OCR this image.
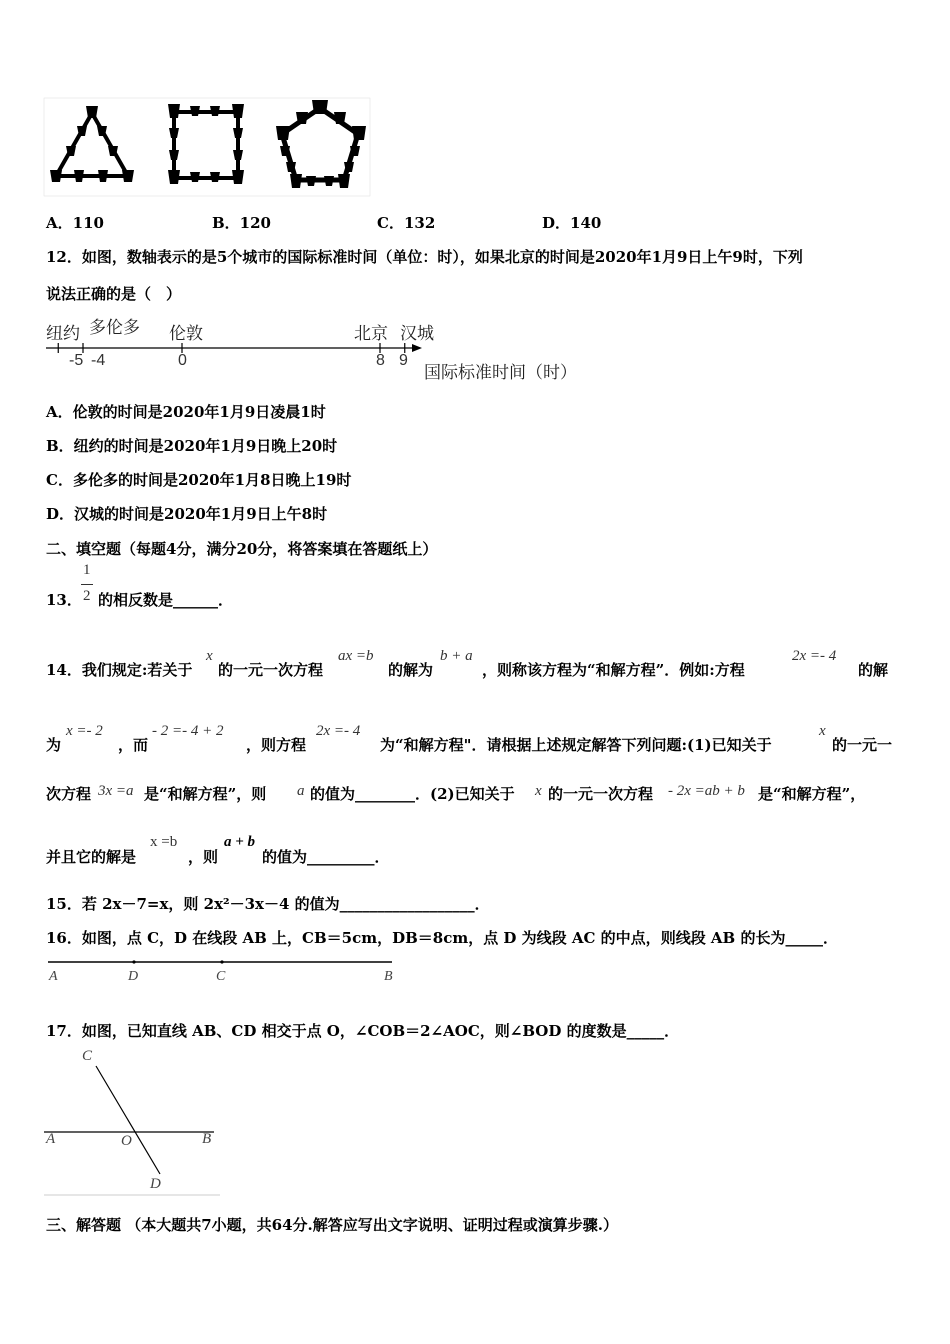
A．110	B．120	C．132	D．140
12．如图，数轴表示的是5个城市的国际标准时间（单位：时），如果北京的时间是2020年1月9日上午9时，下列
说法正确的是（　）
纽约 多伦多 伦敦	北京 汉城
-5 -4	0	8 9
国际标准时间（时）
A．伦敦的时间是2020年1月9日凌晨1时
B．纽约的时间是2020年1月9日晚上20时
C．多伦多的时间是2020年1月8日晚上19时
D．汉城的时间是2020年1月9日上午8时
二、填空题（每题4分，满分20分，将答案填在答题纸上）
13．
1
2 的相反数是______．
14．我们规定:若关于
x
的一元一次方程
ax =b
的解为
b + a
，则称该方程为“和解方程”．例如:方程
2x =- 4
的解
为
x =- 2
，而
- 2 =- 4 + 2
，则方程
2x =- 4
为“和解方程"．请根据上述规定解答下列问题:(1)已知关于
x
的一元一
次方程 3x =a 是“和解方程”，则 a 的值为________．(2)已知关于 x 的一元一次方程 - 2x =ab + b 是“和解方程”，
并且它的解是
x =b
，则
a + b
的值为_________．
15．若 2x－7=x，则 2x²－3x－4 的值为__________________．
16．如图，点 C，D 在线段 AB 上，CB＝5cm，DB＝8cm，点 D 为线段 AC 的中点，则线段 AB 的长为_____．
A	D	C	B
17．如图，已知直线 AB、CD 相交于点 O，∠COB＝2∠AOC，则∠BOD 的度数是_____．
C
A	O	B
D
三、解答题 （本大题共7小题，共64分.解答应写出文字说明、证明过程或演算步骤.）
